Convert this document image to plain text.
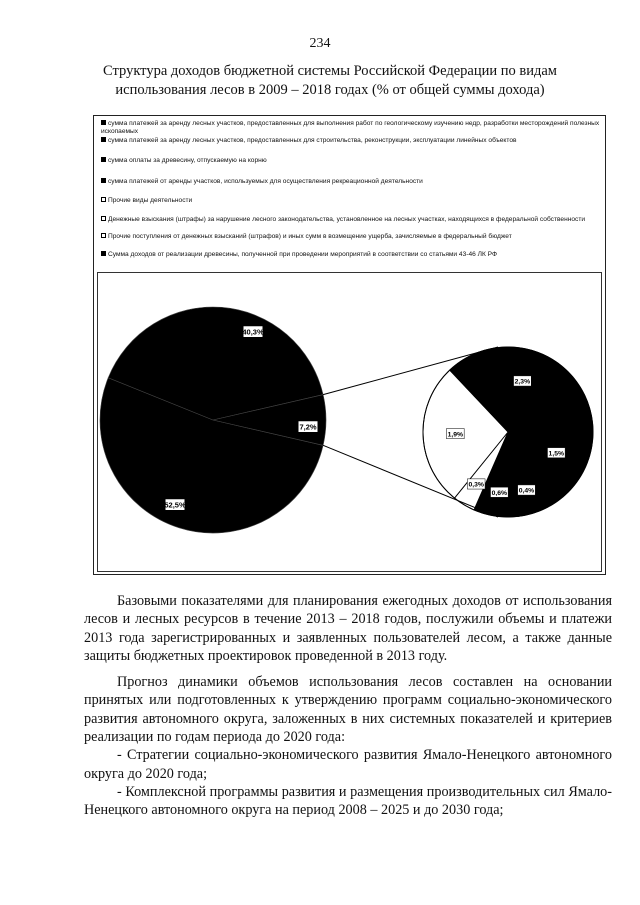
234
Структура доходов бюджетной системы Российской Федерации по видам
использования лесов в 2009 – 2018 годах (% от общей суммы дохода)
сумма платежей за аренду лесных участков, предоставленных для выполнения работ по геологическому изучению недр, разработки месторождений полезных ископаемых
сумма платежей за аренду лесных участков, предоставленных для строительства, реконструкции, эксплуатации линейных объектов
сумма оплаты за древесину, отпускаемую на корню
сумма платежей от аренды участков, используемых для осуществления рекреационной деятельности
Прочие виды деятельности
Денежные взыскания (штрафы) за нарушение лесного законодательства, установленное на лесных участках, находящихся в федеральной собственности
Прочие поступления от денежных взысканий (штрафов) и иных сумм в возмещение ущерба, зачисляемые в федеральный бюджет
Сумма доходов от реализации древесины, полученной при проведении мероприятий в соответствии со статьями 43-46 ЛК РФ
40,3%
52,5%
7,2%
1,5%
0,4%
0,6%
0,3%
1,9%
2,3%

Базовыми показателями для планирования ежегодных доходов от использования лесов и лесных ресурсов в течение 2013 – 2018 годов, послужили объемы и платежи 2013 года зарегистрированных и заявленных пользователей лесом, а также данные защиты бюджетных проектировок проведенной в 2013 году.

Прогноз динамики объемов использования лесов составлен на основании принятых или подготовленных к утверждению программ социально-экономического развития автономного округа, заложенных в них системных показателей и критериев реализации по годам периода до 2020 года:

- Стратегии социально-экономического развития Ямало-Ненецкого автономного округа до 2020 года;

- Комплексной программы развития и размещения производительных сил Ямало-Ненецкого автономного округа на период 2008 – 2025 и до 2030 года;
